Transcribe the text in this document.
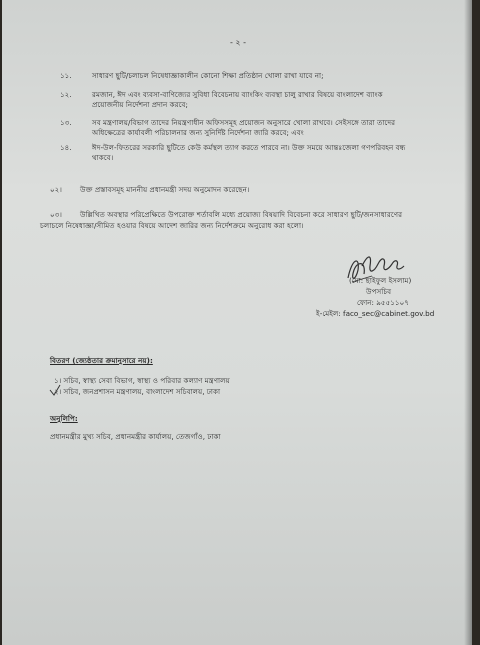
- ২ -
১১.	সাধারণ ছুটি/চলাচল নিষেধাজ্ঞাকালীন কোনো শিক্ষা প্রতিষ্ঠান খোলা রাখা যাবে না;
১২.	রমজান, ঈদ এবং ব্যবসা-বাণিজ্যের সুবিধা বিবেচনায় ব্যাংকিং ব্যবস্থা চালু রাখার বিষয়ে বাংলাদেশ ব্যাংক
প্রয়োজনীয় নির্দেশনা প্রদান করবে;
১৩.	সব মন্ত্রণালয়/বিভাগ তাদের নিয়ন্ত্রণাধীন অফিসসমূহ প্রয়োজন অনুসারে খোলা রাখবে। সেইসঙ্গে তারা তাদের
অধিক্ষেত্রের কার্যাবলী পরিচালনার জন্য সুনির্দিষ্ট নির্দেশনা জারি করবে; এবং
১৪.	ঈদ-উল-ফিতরের সরকারি ছুটিতে কেউ কর্মস্থল ত্যাগ করতে পারবে না। উক্ত সময়ে আন্তঃজেলা গণপরিবহন বন্ধ
থাকবে।
০২।	উক্ত প্রস্তাবসমূহ মাননীয় প্রধানমন্ত্রী সদয় অনুমোদন করেছেন।
০৩।	উল্লিখিত অবস্থার পরিপ্রেক্ষিতে উপরোক্ত শর্তাবলি মধ্যে প্রয়োজ্য বিষয়াদি বিবেচনা করে সাধারণ ছুটি/জনসাধারণের
চলাচলে নিষেধাজ্ঞা/সীমিত হওয়ার বিষয়ে আদেশ জারির জন্য নির্দেশক্রমে অনুরোধ করা হলো।
(মো: ছাইফুল ইসলাম)
উপসচিব
ফোন: ৯৫৫১১০৭
ই-মেইল: faco_sec@cabinet.gov.bd
বিতরণ (জ্যেষ্ঠতার ক্রমানুসারে নয়):
১। সচিব, স্বাস্থ্য সেবা বিভাগ, স্বাস্থ্য ও পরিবার কল্যাণ মন্ত্রণালয়
২। সচিব, জনপ্রশাসন মন্ত্রণালয়, বাংলাদেশ সচিবালয়, ঢাকা
অনুলিপি:
প্রধানমন্ত্রীর মুখ্য সচিব, প্রধানমন্ত্রীর কার্যালয়, তেজগাঁও, ঢাকা
